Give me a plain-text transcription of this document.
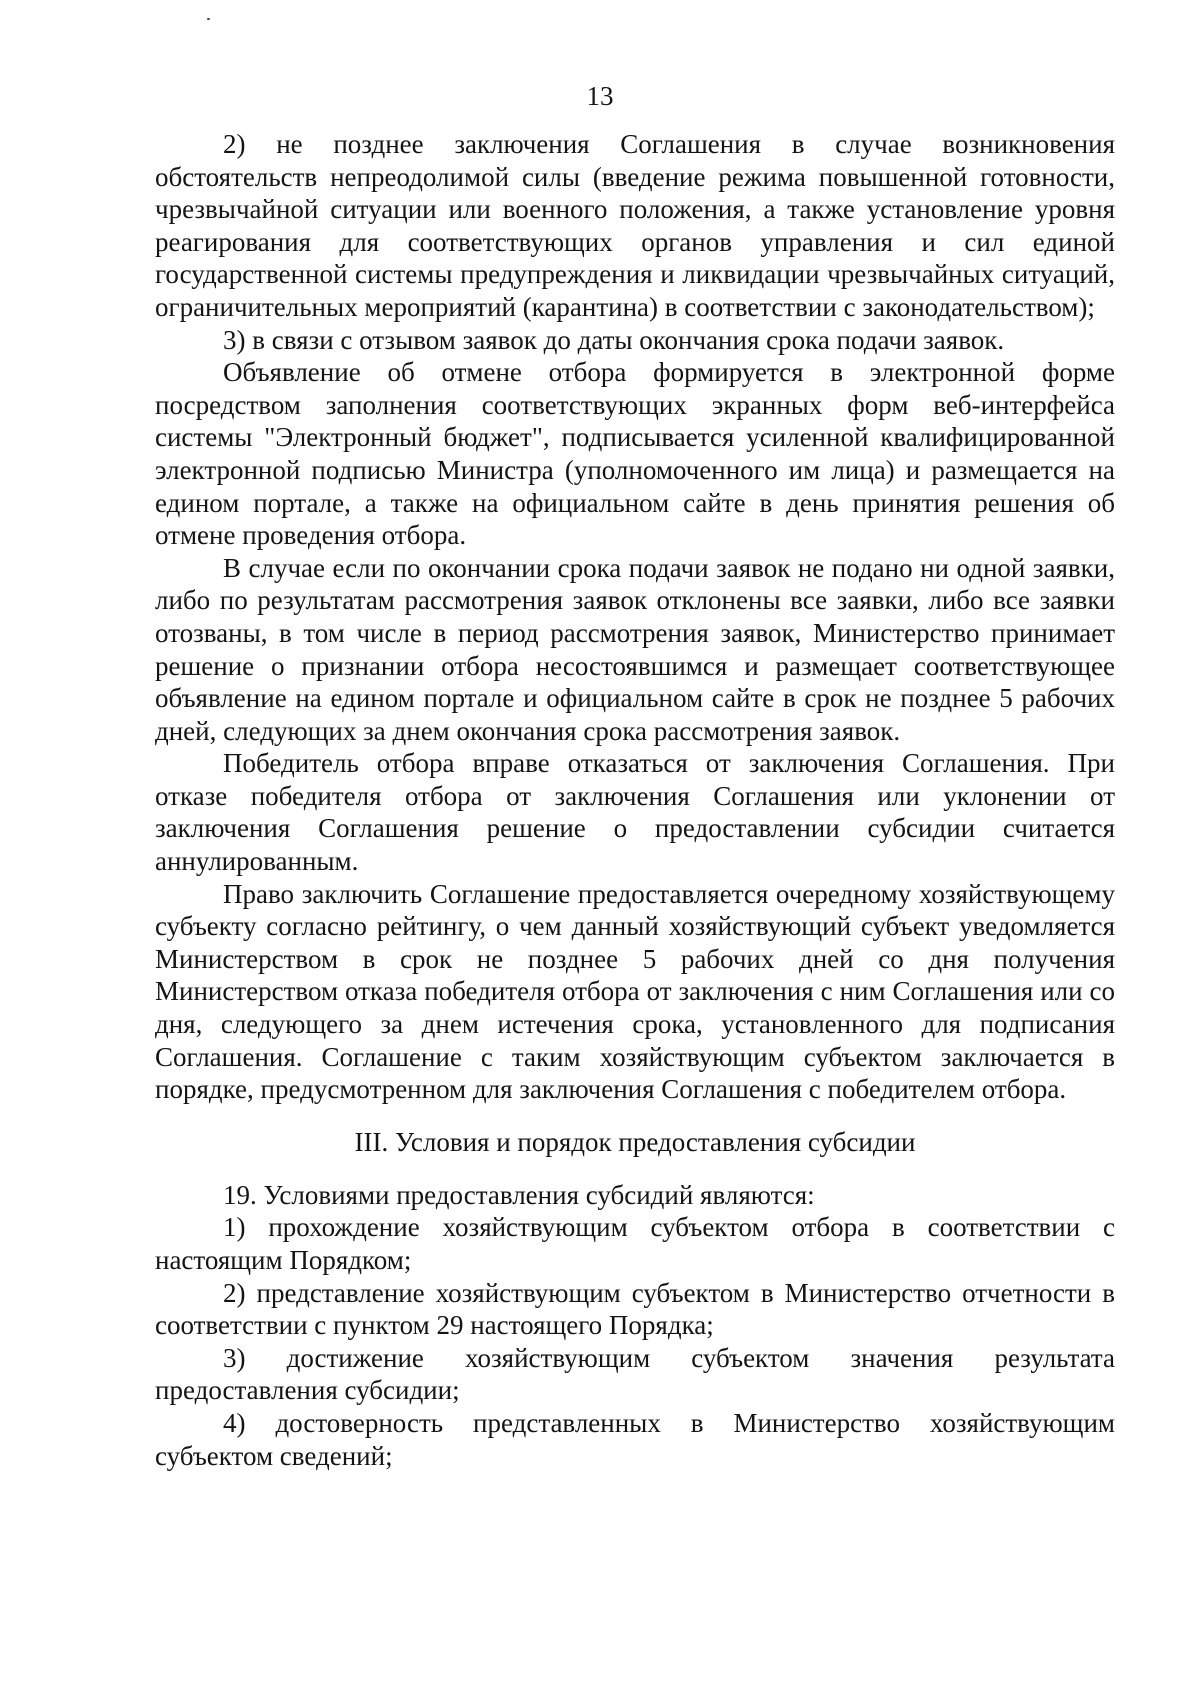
13

2) не позднее заключения Соглашения в случае возникновения обстоятельств непреодолимой силы (введение режима повышенной готовности, чрезвычайной ситуации или военного положения, а также установление уровня реагирования для соответствующих органов управления и сил единой государственной системы предупреждения и ликвидации чрезвычайных ситуаций, ограничительных мероприятий (карантина) в соответствии с законодательством);

3) в связи с отзывом заявок до даты окончания срока подачи заявок.

Объявление об отмене отбора формируется в электронной форме посредством заполнения соответствующих экранных форм веб-интерфейса системы "Электронный бюджет", подписывается усиленной квалифицированной электронной подписью Министра (уполномоченного им лица) и размещается на едином портале, а также на официальном сайте в день принятия решения об отмене проведения отбора.

В случае если по окончании срока подачи заявок не подано ни одной заявки, либо по результатам рассмотрения заявок отклонены все заявки, либо все заявки отозваны, в том числе в период рассмотрения заявок, Министерство принимает решение о признании отбора несостоявшимся и размещает соответствующее объявление на едином портале и официальном сайте в срок не позднее 5 рабочих дней, следующих за днем окончания срока рассмотрения заявок.

Победитель отбора вправе отказаться от заключения Соглашения. При отказе победителя отбора от заключения Соглашения или уклонении от заключения Соглашения решение о предоставлении субсидии считается аннулированным.

Право заключить Соглашение предоставляется очередному хозяйствующему субъекту согласно рейтингу, о чем данный хозяйствующий субъект уведомляется Министерством в срок не позднее 5 рабочих дней со дня получения Министерством отказа победителя отбора от заключения с ним Соглашения или со дня, следующего за днем истечения срока, установленного для подписания Соглашения. Соглашение с таким хозяйствующим субъектом заключается в порядке, предусмотренном для заключения Соглашения с победителем отбора.

III. Условия и порядок предоставления субсидии

19. Условиями предоставления субсидий являются:

1) прохождение хозяйствующим субъектом отбора в соответствии с настоящим Порядком;

2) представление хозяйствующим субъектом в Министерство отчетности в соответствии с пунктом 29 настоящего Порядка;

3) достижение хозяйствующим субъектом значения результата предоставления субсидии;

4) достоверность представленных в Министерство хозяйствующим субъектом сведений;
